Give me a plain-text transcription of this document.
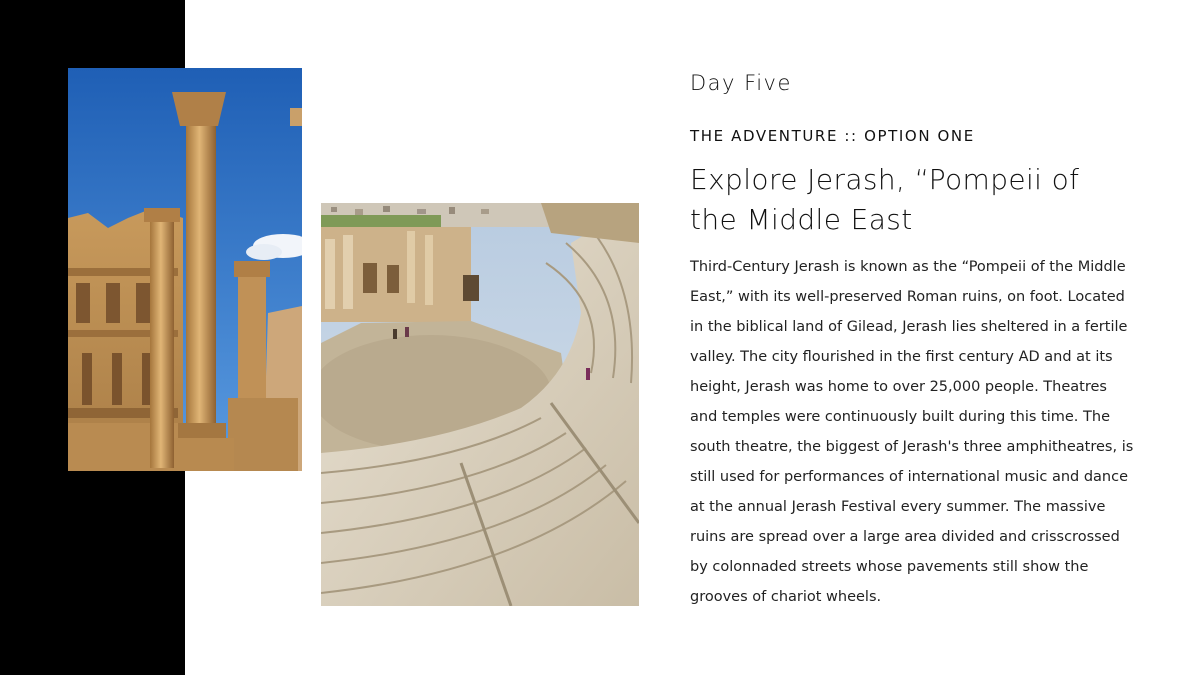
Day Five
THE ADVENTURE :: OPTION ONE
Explore Jerash, “Pompeii of the Middle East

Third-Century Jerash is known as the “Pompeii of the Middle East,” with its well-preserved Roman ruins, on foot. Located in the biblical land of Gilead, Jerash lies sheltered in a fertile valley. The city flourished in the first century AD and at its height, Jerash was home to over 25,000 people. Theatres and temples were continuously built during this time. The south theatre, the biggest of Jerash's three amphitheatres, is still used for performances of international music and dance at the annual Jerash Festival every summer. The massive ruins are spread over a large area divided and crisscrossed by colonnaded streets whose pavements still show the grooves of chariot wheels.
